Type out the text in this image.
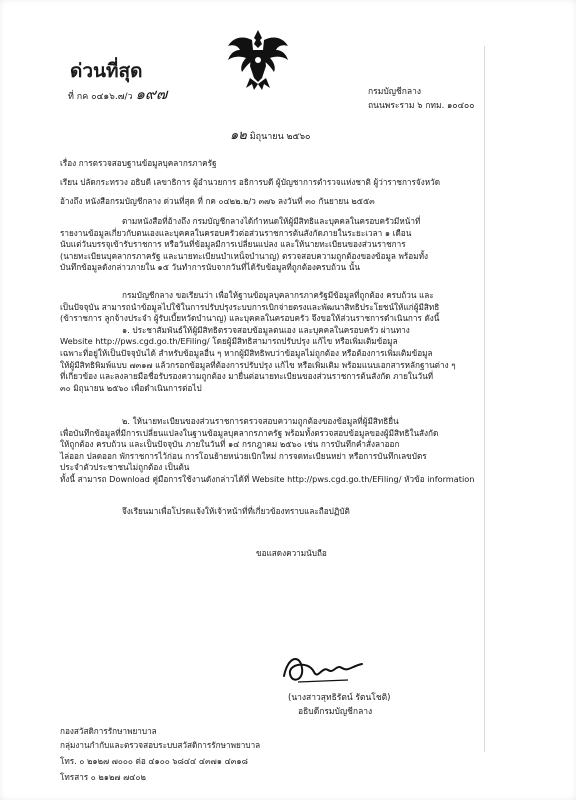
ด่วนที่สุด
ที่ กค ๐๔๑๖.๗/ว ๑๙๗	กรมบัญชีกลาง
ถนนพระราม ๖ กทม. ๑๐๔๐๐
๑๒ มิถุนายน ๒๕๖๐
เรื่อง การตรวจสอบฐานข้อมูลบุคลากรภาครัฐ
เรียน ปลัดกระทรวง อธิบดี เลขาธิการ ผู้อำนวยการ อธิการบดี ผู้บัญชาการตำรวจแห่งชาติ ผู้ว่าราชการจังหวัด
อ้างถึง หนังสือกรมบัญชีกลาง ด่วนที่สุด ที่ กค ๐๔๒๒.๒/ว ๓๗๖ ลงวันที่ ๓๐ กันยายน ๒๕๕๓
ตามหนังสือที่อ้างถึง กรมบัญชีกลางได้กำหนดให้ผู้มีสิทธิและบุคคลในครอบครัวมีหน้าที่
รายงานข้อมูลเกี่ยวกับตนเองและบุคคลในครอบครัวต่อส่วนราชการต้นสังกัดภายในระยะเวลา ๑ เดือน
นับแต่วันบรรจุเข้ารับราชการ หรือวันที่ข้อมูลมีการเปลี่ยนแปลง และให้นายทะเบียนของส่วนราชการ
(นายทะเบียนบุคลากรภาครัฐ และนายทะเบียนบำเหน็จบำนาญ) ตรวจสอบความถูกต้องของข้อมูล พร้อมทั้ง
บันทึกข้อมูลดังกล่าวภายใน ๑๕ วันทำการนับจากวันที่ได้รับข้อมูลที่ถูกต้องครบถ้วน นั้น
กรมบัญชีกลาง ขอเรียนว่า เพื่อให้ฐานข้อมูลบุคลากรภาครัฐมีข้อมูลที่ถูกต้อง ครบถ้วน และ
เป็นปัจจุบัน สามารถนำข้อมูลไปใช้ในการปรับปรุงระบบการเบิกจ่ายตรงและพัฒนาสิทธิประโยชน์ให้แก่ผู้มีสิทธิ
(ข้าราชการ ลูกจ้างประจำ ผู้รับเบี้ยหวัดบำนาญ) และบุคคลในครอบครัว จึงขอให้ส่วนราชการดำเนินการ ดังนี้
๑. ประชาสัมพันธ์ให้ผู้มีสิทธิตรวจสอบข้อมูลตนเอง และบุคคลในครอบครัว ผ่านทาง
Website http://pws.cgd.go.th/EFiling/ โดยผู้มีสิทธิสามารถปรับปรุง แก้ไข หรือเพิ่มเติมข้อมูล
เฉพาะที่อยู่ให้เป็นปัจจุบันได้ สำหรับข้อมูลอื่น ๆ หากผู้มีสิทธิพบว่าข้อมูลไม่ถูกต้อง หรือต้องการเพิ่มเติมข้อมูล
ให้ผู้มีสิทธิพิมพ์แบบ ๗๓๑๗ แล้วกรอกข้อมูลที่ต้องการปรับปรุง แก้ไข หรือเพิ่มเติม พร้อมแนบเอกสารหลักฐานต่าง ๆ
ที่เกี่ยวข้อง และลงลายมือชื่อรับรองความถูกต้อง มายื่นต่อนายทะเบียนของส่วนราชการต้นสังกัด ภายในวันที่
๓๐ มิถุนายน ๒๕๖๐ เพื่อดำเนินการต่อไป
๒. ให้นายทะเบียนของส่วนราชการตรวจสอบความถูกต้องของข้อมูลที่ผู้มีสิทธิยื่น
เพื่อบันทึกข้อมูลที่มีการเปลี่ยนแปลงในฐานข้อมูลบุคลากรภาครัฐ พร้อมทั้งตรวจสอบข้อมูลของผู้มีสิทธิในสังกัด
ให้ถูกต้อง ครบถ้วน และเป็นปัจจุบัน ภายในวันที่ ๑๔ กรกฎาคม ๒๕๖๐ เช่น การบันทึกคำสั่งลาออก
ไล่ออก ปลดออก พักราชการไว้ก่อน การโอนย้ายหน่วยเบิกใหม่ การจดทะเบียนหย่า หรือการบันทึกเลขบัตร
ประจำตัวประชาชนไม่ถูกต้อง เป็นต้น
ทั้งนี้ สามารถ Download คู่มือการใช้งานดังกล่าวได้ที่ Website http://pws.cgd.go.th/EFiling/ หัวข้อ information
จึงเรียนมาเพื่อโปรดแจ้งให้เจ้าหน้าที่ที่เกี่ยวข้องทราบและถือปฏิบัติ
ขอแสดงความนับถือ
(นางสาวสุทธิรัตน์ รัตนโชติ)
อธิบดีกรมบัญชีกลาง
กองสวัสดิการรักษาพยาบาล
กลุ่มงานกำกับและตรวจสอบระบบสวัสดิการรักษาพยาบาล
โทร. ๐ ๒๑๒๗ ๗๐๐๐ ต่อ ๔๑๐๐ ๖๘๔๔ ๔๓๗๑ ๔๓๑๘
โทรสาร ๐ ๒๑๒๗ ๗๔๐๒
